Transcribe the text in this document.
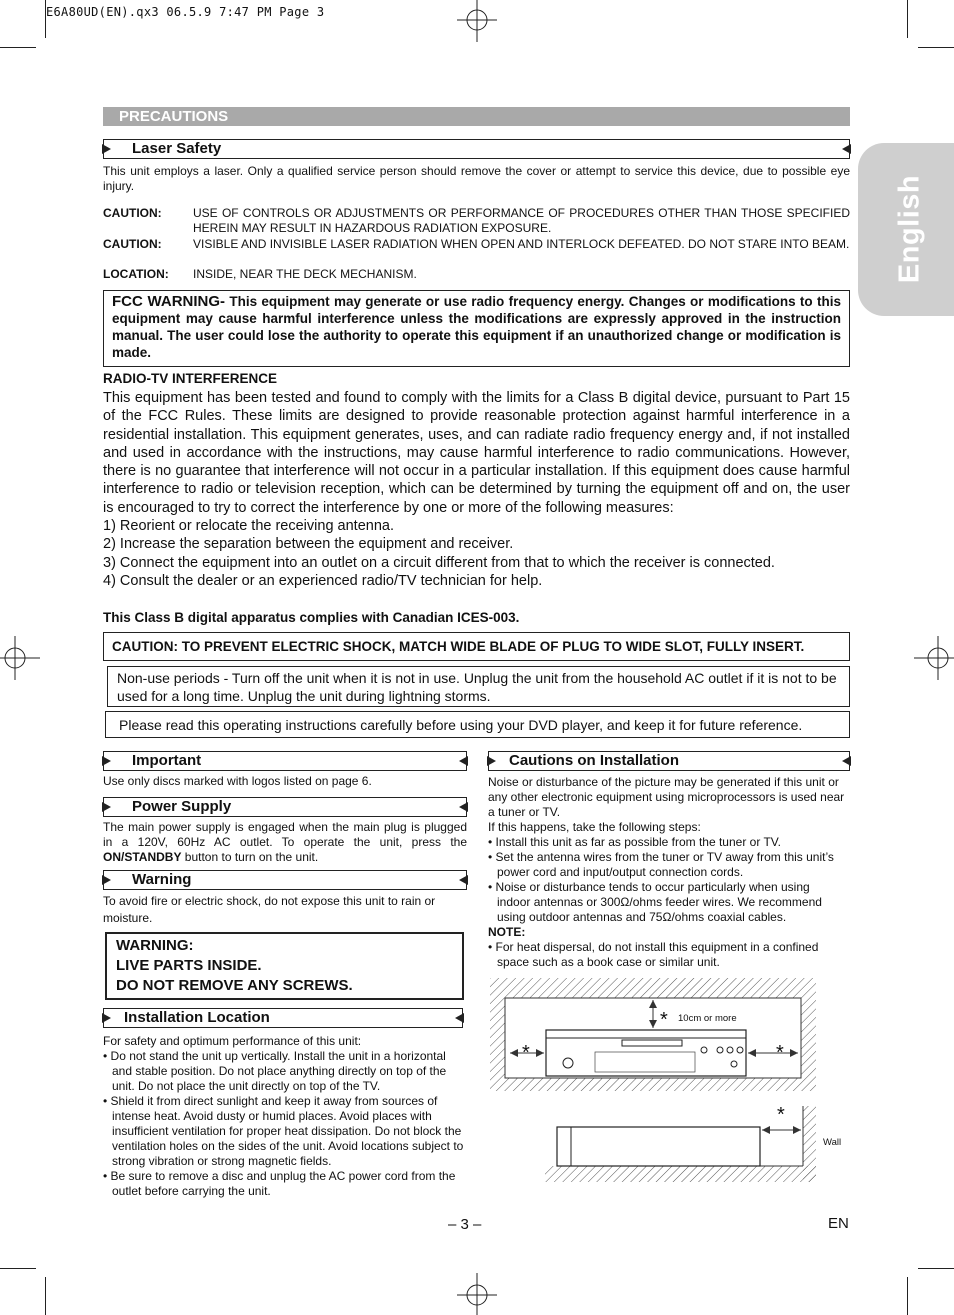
E6A80UD(EN).qx3 06.5.9 7:47 PM Page 3
English
PRECAUTIONS
Laser Safety
This unit employs a laser. Only a qualified service person should remove the cover or attempt to service this device, due to possible eye injury.
CAUTION:	USE OF CONTROLS OR ADJUSTMENTS OR PERFORMANCE OF PROCEDURES OTHER THAN THOSE SPECIFIED HEREIN MAY RESULT IN HAZARDOUS RADIATION EXPOSURE.
CAUTION:	VISIBLE AND INVISIBLE LASER RADIATION WHEN OPEN AND INTERLOCK DEFEATED. DO NOT STARE INTO BEAM.
LOCATION: INSIDE, NEAR THE DECK MECHANISM.
FCC WARNING- This equipment may generate or use radio frequency energy. Changes or modifications to this equipment may cause harmful interference unless the modifications are expressly approved in the instruction manual. The user could lose the authority to operate this equipment if an unauthorized change or modification is made.
RADIO-TV INTERFERENCE
This equipment has been tested and found to comply with the limits for a Class B digital device, pursuant to Part 15 of the FCC Rules. These limits are designed to provide reasonable protection against harmful interference in a residential installation. This equipment generates, uses, and can radiate radio frequency energy and, if not installed and used in accordance with the instructions, may cause harmful interference to radio communications. However, there is no guarantee that interference will not occur in a particular installation. If this equipment does cause harmful interference to radio or television reception, which can be determined by turning the equipment off and on, the user is encouraged to try to correct the interference by one or more of the following measures:
1) Reorient or relocate the receiving antenna.
2) Increase the separation between the equipment and receiver.
3) Connect the equipment into an outlet on a circuit different from that to which the receiver is connected.
4) Consult the dealer or an experienced radio/TV technician for help.
This Class B digital apparatus complies with Canadian ICES-003.
CAUTION: TO PREVENT ELECTRIC SHOCK, MATCH WIDE BLADE OF PLUG TO WIDE SLOT, FULLY INSERT.
Non-use periods - Turn off the unit when it is not in use. Unplug the unit from the household AC outlet if it is not to be used for a long time. Unplug the unit during lightning storms.
Please read this operating instructions carefully before using your DVD player, and keep it for future reference.
Important
Use only discs marked with logos listed on page 6.
Power Supply
The main power supply is engaged when the main plug is plugged in a 120V, 60Hz AC outlet. To operate the unit, press the ON/STANDBY button to turn on the unit.
Warning
To avoid fire or electric shock, do not expose this unit to rain or moisture.
WARNING:
LIVE PARTS INSIDE.
DO NOT REMOVE ANY SCREWS.
Installation Location
For safety and optimum performance of this unit:

• Do not stand the unit up vertically. Install the unit in a horizontal and stable position. Do not place anything directly on top of the unit. Do not place the unit directly on top of the TV.

• Shield it from direct sunlight and keep it away from sources of intense heat. Avoid dusty or humid places. Avoid places with insufficient ventilation for proper heat dissipation. Do not block the ventilation holes on the sides of the unit. Avoid locations subject to strong vibration or strong magnetic fields.

• Be sure to remove a disc and unplug the AC power cord from the outlet before carrying the unit.

Cautions on Installation
Noise or disturbance of the picture may be generated if this unit or any other electronic equipment using microprocessors is used near a tuner or TV.
If this happens, take the following steps:

• Install this unit as far as possible from the tuner or TV.

• Set the antenna wires from the tuner or TV away from this unit’s power cord and input/output connection cords.

• Noise or disturbance tends to occur particularly when using indoor antennas or 300Ω/ohms feeder wires. We recommend using outdoor antennas and 75Ω/ohms coaxial cables.

NOTE:

• For heat dispersal, do not install this equipment in a confined space such as a book case or similar unit.

* 10cm or more
*	*
*
Wall
– 3 –	EN
